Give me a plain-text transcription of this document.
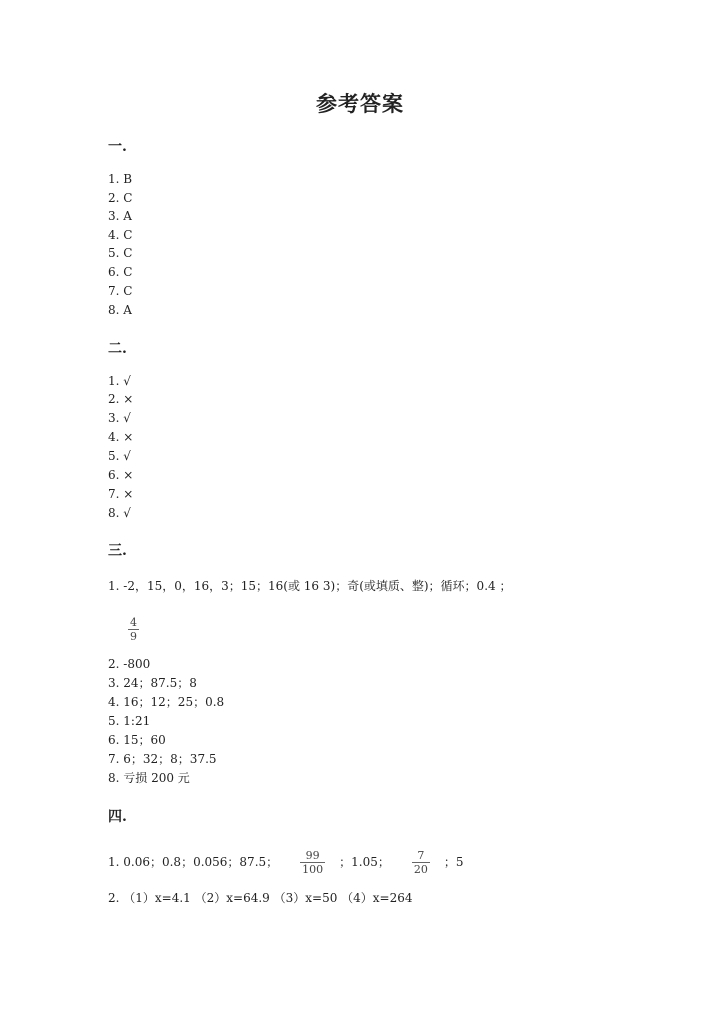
参考答案
一.
1. B
2. C
3. A
4. C
5. C
6. C
7. C
8. A
二.
1. √
2. ×
3. √
4. ×
5. √
6. ×
7. ×
8. √
三.
1. -2，15，0，16，3；15；16(或 16 3)；奇(或填质、整)；循环；0.4 ；
$\frac{4}{9}$
2. -800
3. 24；87.5；8
4. 16；12；25；0.8
5. 1:21
6. 15；60
7. 6；32；8；37.5
8. 亏损 200 元
四.
1. 0.06；0.8；0.056；87.5； $\frac{99}{100}$ ；1.05； $\frac{7}{20}$ ；5
2. （1）x=4.1 （2）x=64.9 （3）x=50 （4）x=264
